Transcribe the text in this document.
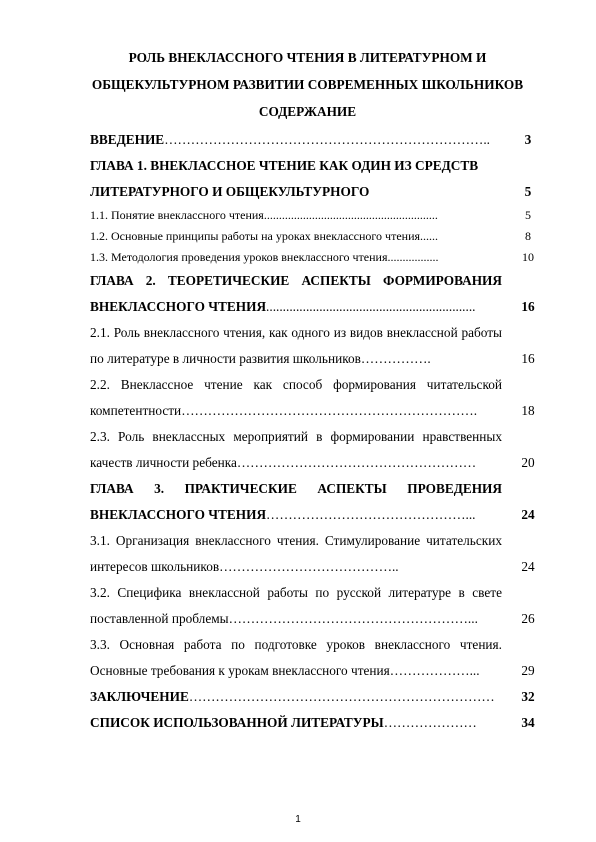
РОЛЬ ВНЕКЛАССНОГО ЧТЕНИЯ В ЛИТЕРАТУРНОМ И
ОБЩЕКУЛЬТУРНОМ РАЗВИТИИ СОВРЕМЕННЫХ ШКОЛЬНИКОВ
СОДЕРЖАНИЕ
ВВЕДЕНИЕ………………………………………………………………..	3
ГЛАВА 1. ВНЕКЛАССНОЕ ЧТЕНИЕ КАК ОДИН ИЗ СРЕДСТВ ЛИТЕРАТУРНОГО И ОБЩЕКУЛЬТУРНОГО	5
1.1. Понятие внеклассного чтения..........................................................	5
1.2. Основные принципы работы на уроках внеклассного чтения......	8
1.3. Методология проведения уроков внеклассного чтения.................	10
ГЛАВА 2. ТЕОРЕТИЧЕСКИЕ АСПЕКТЫ ФОРМИРОВАНИЯ ВНЕКЛАССНОГО ЧТЕНИЯ...............................................................	16
2.1. Роль внеклассного чтения, как одного из видов внеклассной работы по литературе в личности развития школьников…………….	16
2.2. Внеклассное чтение как способ формирования читательской компетентности………………………………………………………….	18
2.3. Роль внеклассных мероприятий в формировании нравственных качеств личности ребенка………………………………………………	20
ГЛАВА 3. ПРАКТИЧЕСКИЕ АСПЕКТЫ ПРОВЕДЕНИЯ ВНЕКЛАССНОГО ЧТЕНИЯ………………………………………...	24
3.1. Организация внеклассного чтения. Стимулирование читательских интересов школьников…………………………………..	24
3.2. Специфика внеклассной работы по русской литературе в свете поставленной проблемы………………………………………………...	26
3.3. Основная работа по подготовке уроков внеклассного чтения. Основные требования к урокам внеклассного чтения………………...	29
ЗАКЛЮЧЕНИЕ……………………………………………………………	32
СПИСОК ИСПОЛЬЗОВАННОЙ ЛИТЕРАТУРЫ…………………	34
1
